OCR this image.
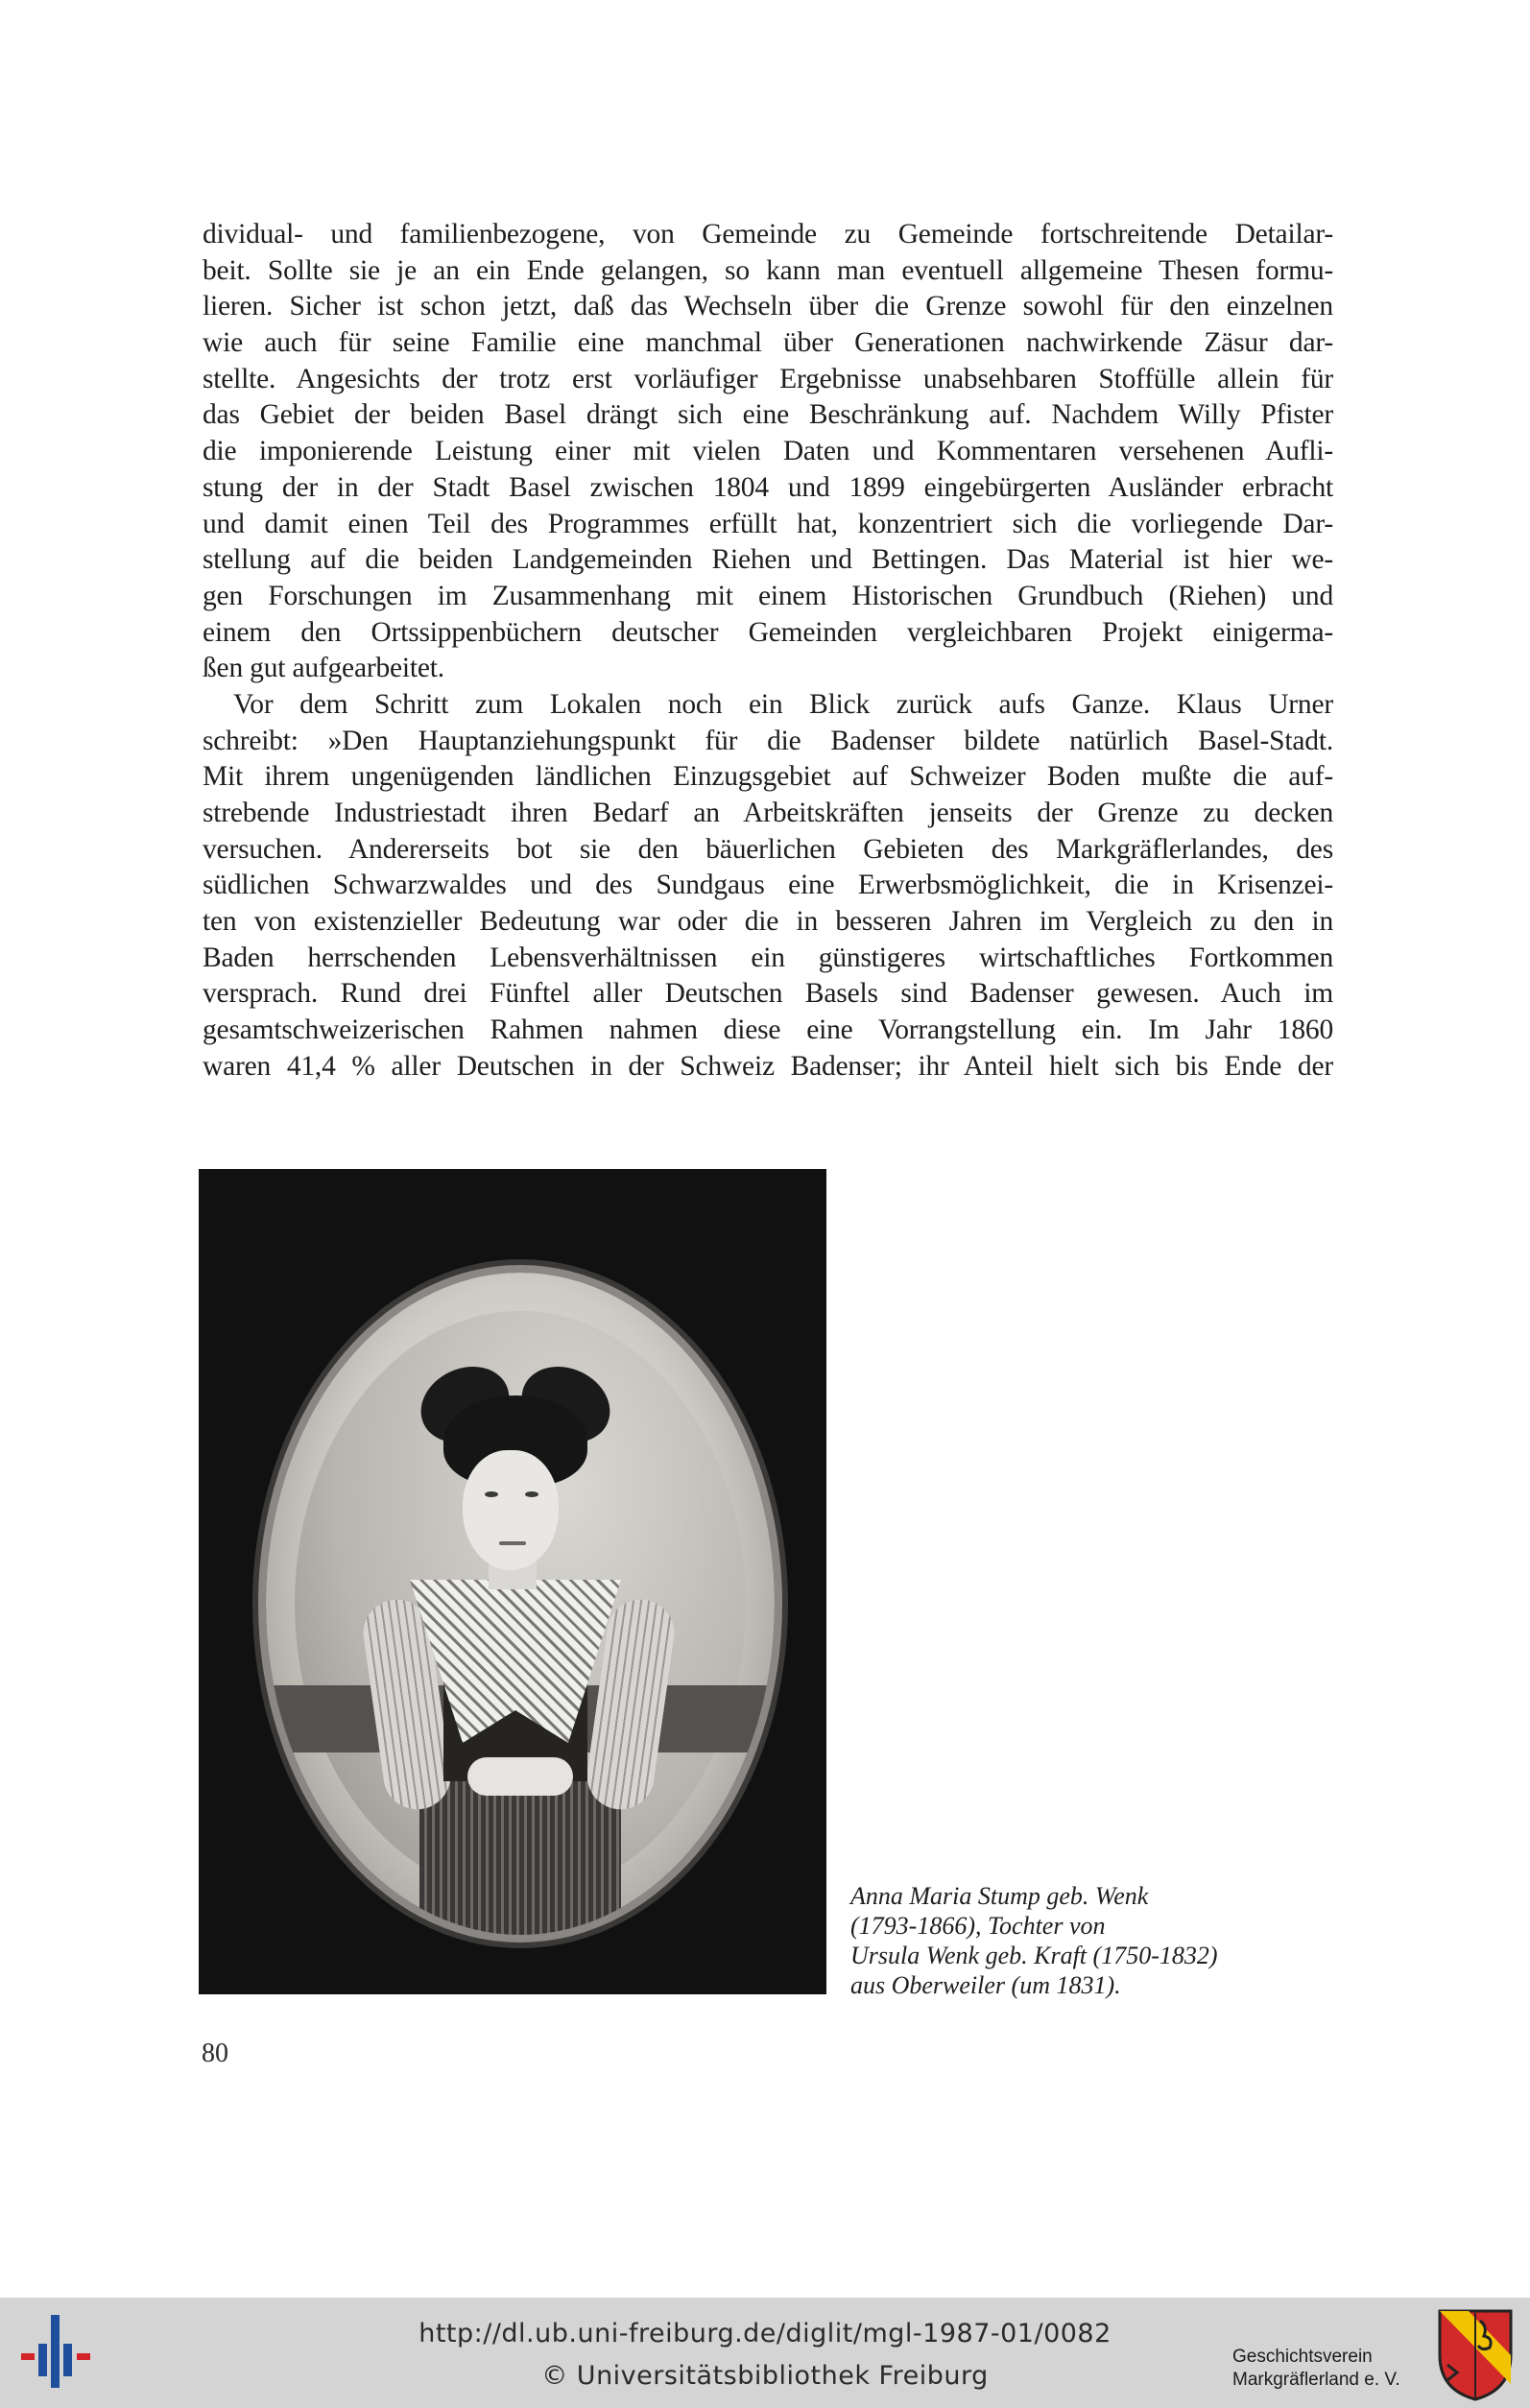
dividual- und familienbezogene, von Gemeinde zu Gemeinde fortschreitende Detailar-
beit. Sollte sie je an ein Ende gelangen, so kann man eventuell allgemeine Thesen formu-
lieren. Sicher ist schon jetzt, daß das Wechseln über die Grenze sowohl für den einzelnen
wie auch für seine Familie eine manchmal über Generationen nachwirkende Zäsur dar-
stellte. Angesichts der trotz erst vorläufiger Ergebnisse unabsehbaren Stoffülle allein für
das Gebiet der beiden Basel drängt sich eine Beschränkung auf. Nachdem Willy Pfister
die imponierende Leistung einer mit vielen Daten und Kommentaren versehenen Aufli-
stung der in der Stadt Basel zwischen 1804 und 1899 eingebürgerten Ausländer erbracht
und damit einen Teil des Programmes erfüllt hat, konzentriert sich die vorliegende Dar-
stellung auf die beiden Landgemeinden Riehen und Bettingen. Das Material ist hier we-
gen Forschungen im Zusammenhang mit einem Historischen Grundbuch (Riehen) und
einem den Ortssippenbüchern deutscher Gemeinden vergleichbaren Projekt einigerma-
ßen gut aufgearbeitet.
Vor dem Schritt zum Lokalen noch ein Blick zurück aufs Ganze. Klaus Urner
schreibt: »Den Hauptanziehungspunkt für die Badenser bildete natürlich Basel-Stadt.
Mit ihrem ungenügenden ländlichen Einzugsgebiet auf Schweizer Boden mußte die auf-
strebende Industriestadt ihren Bedarf an Arbeitskräften jenseits der Grenze zu decken
versuchen. Andererseits bot sie den bäuerlichen Gebieten des Markgräflerlandes, des
südlichen Schwarzwaldes und des Sundgaus eine Erwerbsmöglichkeit, die in Krisenzei-
ten von existenzieller Bedeutung war oder die in besseren Jahren im Vergleich zu den in
Baden herrschenden Lebensverhältnissen ein günstigeres wirtschaftliches Fortkommen
versprach. Rund drei Fünftel aller Deutschen Basels sind Badenser gewesen. Auch im
gesamtschweizerischen Rahmen nahmen diese eine Vorrangstellung ein. Im Jahr 1860
waren 41,4 % aller Deutschen in der Schweiz Badenser; ihr Anteil hielt sich bis Ende der
Anna Maria Stump geb. Wenk
(1793-1866), Tochter von
Ursula Wenk geb. Kraft (1750-1832)
aus Oberweiler (um 1831).
80
http://dl.ub.uni-freiburg.de/diglit/mgl-1987-01/0082
© Universitätsbibliothek Freiburg
Geschichtsverein
Markgräflerland e. V.
